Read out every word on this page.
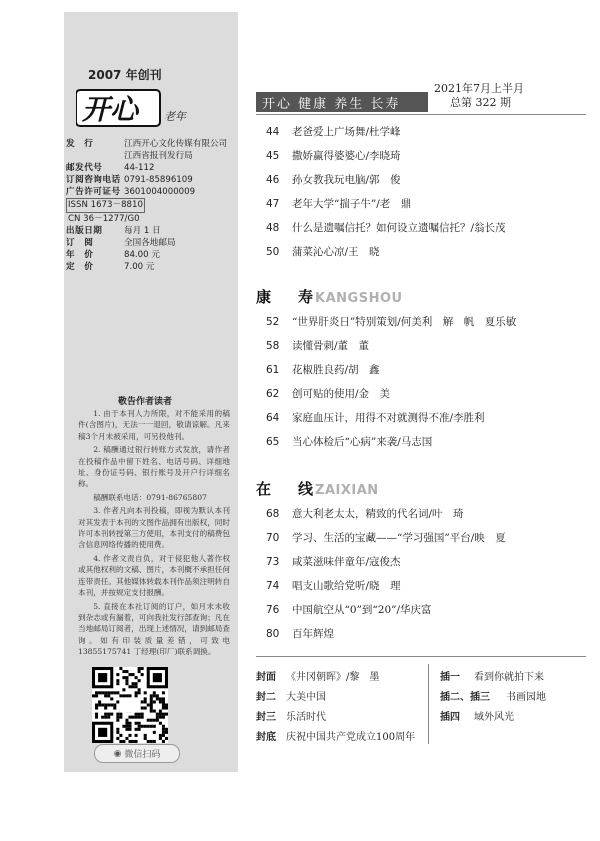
2007 年创刊
开心	老年
发　行	江西开心文化传媒有限公司
江西省报刊发行局
邮发代号	44-112
订阅咨询电话 0791-85896109
广告许可证号 3601004000009
ISSN 1673－8810
CN 36－1277/G0
出版日期	每月 1 日
订　阅	全国各地邮局
年　价	84.00 元
定　价	7.00 元
敬告作者读者

1. 由于本刊人力所限，对不能采用的稿件(含图片)，无法一一退回，敬请谅解。凡来稿3个月未被采用，可另投他刊。

2. 稿酬通过银行转账方式发放，请作者在投稿作品中留下姓名、电话号码、详细地址、身份证号码、银行账号及开户行详细名称。

稿酬联系电话：0791-86765807

3. 作者凡向本刊投稿，即视为默认本刊对其发表于本刊的文图作品拥有出版权，同时许可本刊转授第三方使用，本刊支付的稿费包含信息网络传播的使用费。

4. 作者文责自负，对于侵犯他人著作权或其他权利的文稿、图片，本刊概不承担任何连带责任。其他媒体转载本刊作品须注明转自本刊，并按规定支付报酬。

5. 直接在本社订阅的订户，如月末未收到杂志或有漏着，可向我社发行部查询；凡在当地邮局订阅者，出现上述情况，请到邮局查询。如有印装质量差错，可致电 13855175741 丁经理(印厂)联系调换。

◉ 微信扫码
开心 健康 养生 长寿
2021年7月上半月
总第 322 期
44 老爸爱上广场舞/杜学峰
45 撒娇赢得婆婆心/李晓琦
46 孙女教我玩电脑/郭　俊
47 老年大学“揣子牛”/老　鼎
48 什么是遗嘱信托？如何设立遗嘱信托？/翁长茂
50 蒲菜沁心凉/王　晓
康　寿KANGSHOU
52 “世界肝炎日”特别策划/何美利　解　帆　夏乐敏
58 读懂骨刺/董　董
61 花椒胜良药/胡　鑫
62 创可贴的使用/金　美
64 家庭血压计，用得不对就测得不准/李胜利
65 当心体检后“心病”来袭/马志国
在　线ZAIXIAN
68 意大利老太太，精致的代名词/叶　琦
70 学习、生活的宝藏——“学习强国”平台/映　夏
73 咸菜滋味伴童年/寇俊杰
74 唱支山歌给党听/晓　理
76 中国航空从“0”到“20”/华庆富
80 百年辉煌
封面 《井冈朝晖》/黎　墨
封二 大美中国
封三 乐活时代
封底 庆祝中国共产党成立100周年
插一 看到你就拍下来
插二、插三 书画园地
插四 域外风光
